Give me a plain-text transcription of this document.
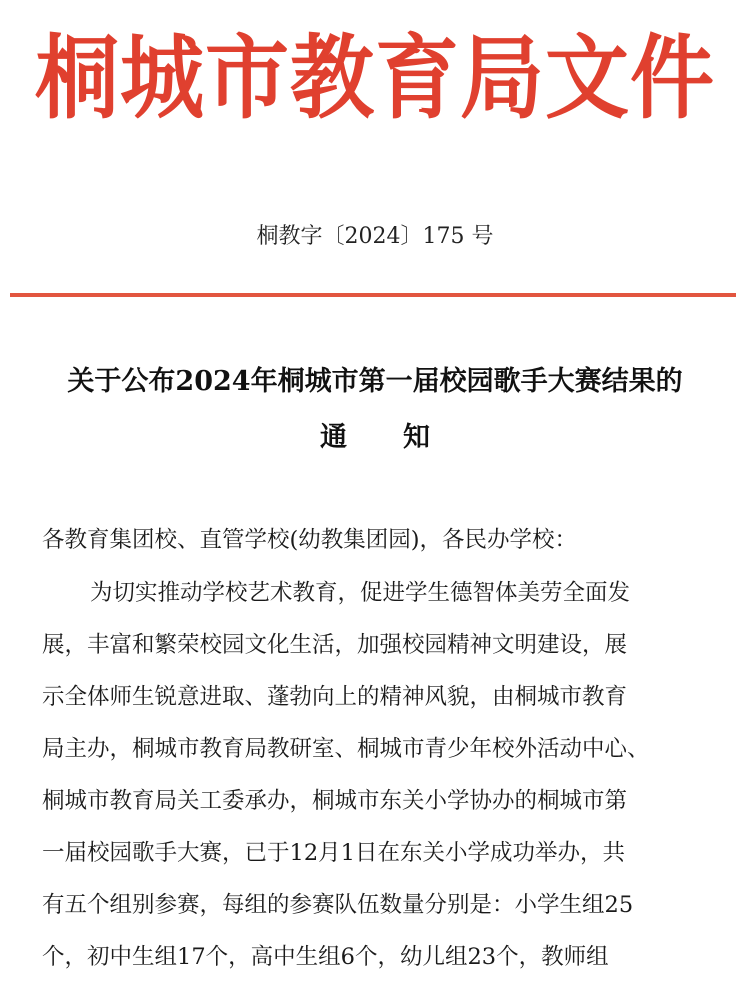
桐城市教育局文件
桐教字〔2024〕175 号
关于公布2024年桐城市第一届校园歌手大赛结果的
通知
各教育集团校、直管学校(幼教集团园)，各民办学校：
为切实推动学校艺术教育，促进学生德智体美劳全面发
展，丰富和繁荣校园文化生活，加强校园精神文明建设，展
示全体师生锐意进取、蓬勃向上的精神风貌，由桐城市教育
局主办，桐城市教育局教研室、桐城市青少年校外活动中心、
桐城市教育局关工委承办，桐城市东关小学协办的桐城市第
一届校园歌手大赛，已于12月1日在东关小学成功举办，共
有五个组别参赛，每组的参赛队伍数量分别是：小学生组25
个，初中生组17个，高中生组6个，幼儿组23个，教师组
